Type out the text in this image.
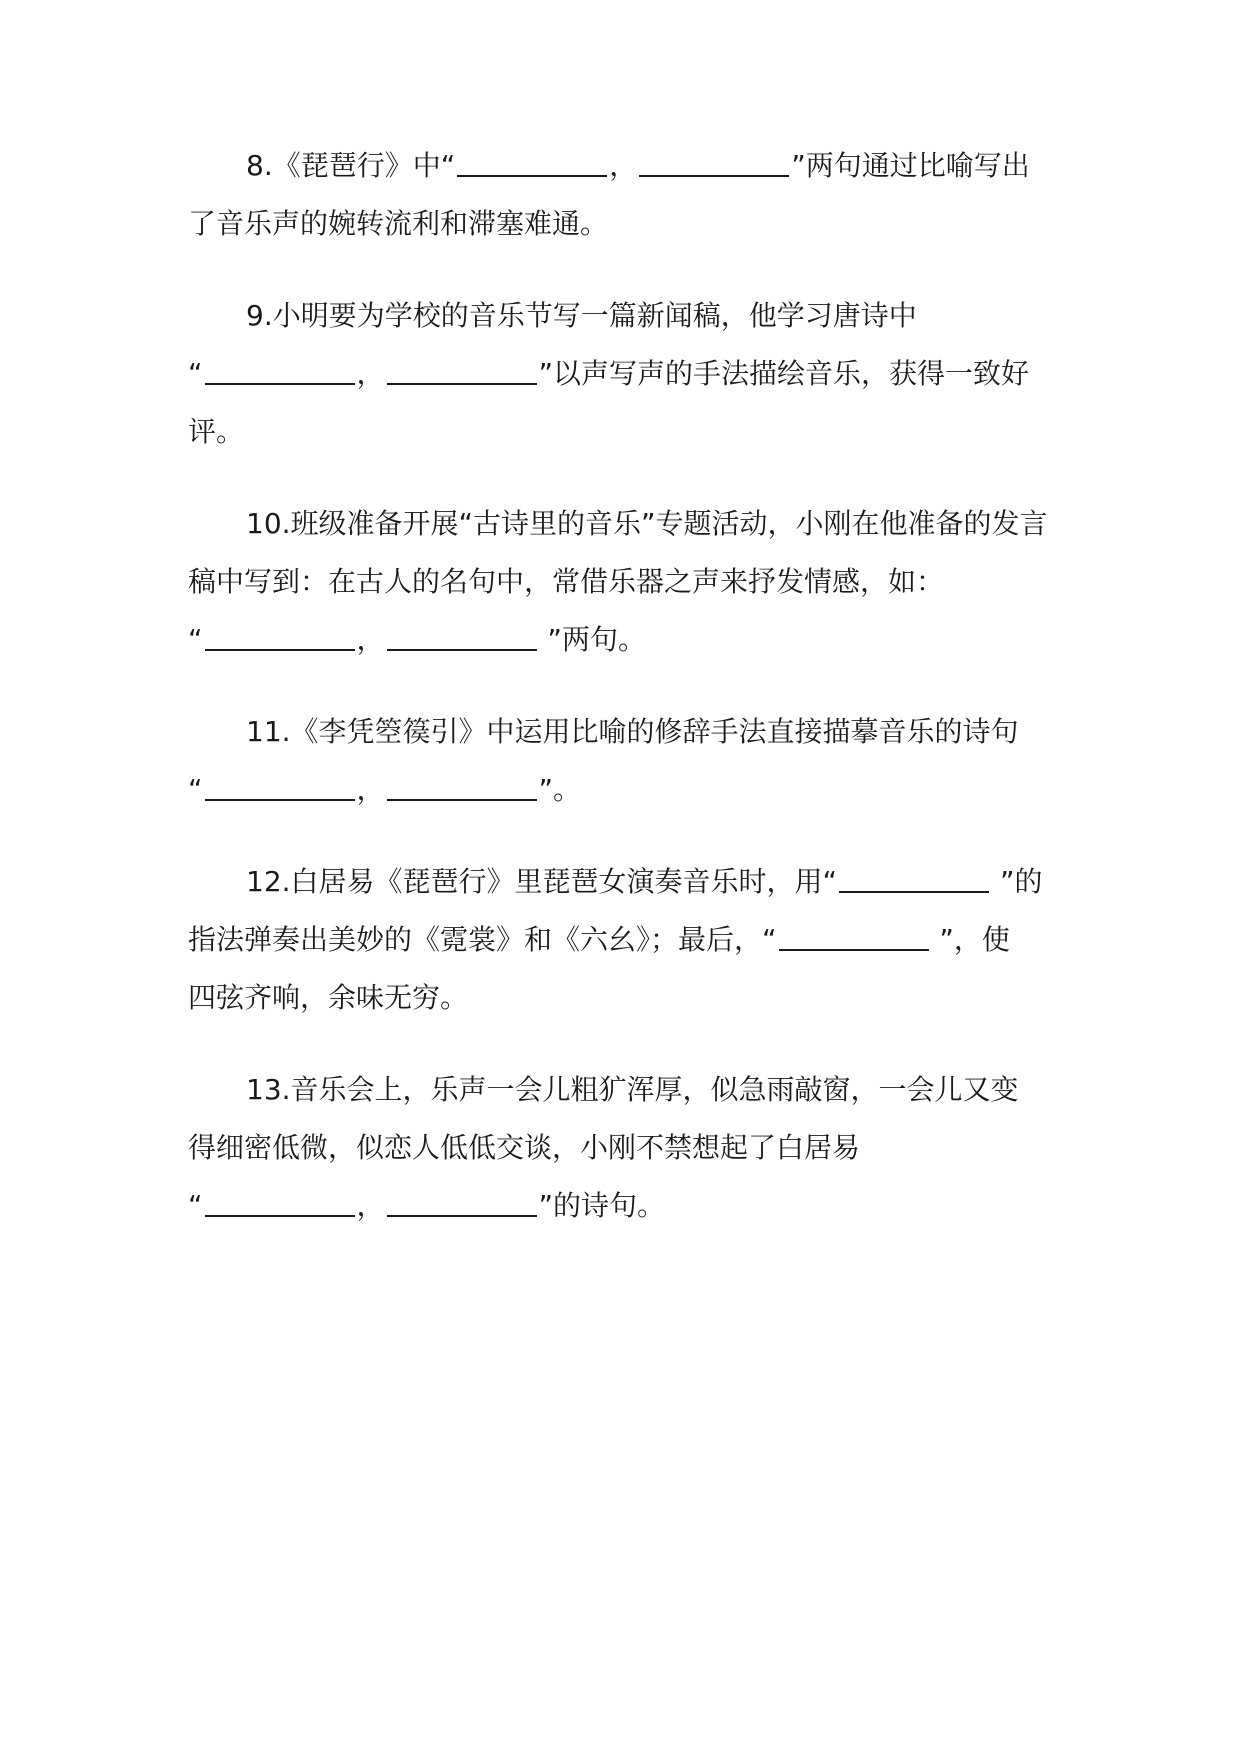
8.《琵琶行》中“	，	”两句通过比喻写出
了音乐声的婉转流利和滞塞难通。
9.小明要为学校的音乐节写一篇新闻稿，他学习唐诗中
“	，	”以声写声的手法描绘音乐，获得一致好
评。
10.班级准备开展“古诗里的音乐”专题活动，小刚在他准备的发言
稿中写到：在古人的名句中，常借乐器之声来抒发情感，如：
“	，	”两句。
11.《李凭箜篌引》中运用比喻的修辞手法直接描摹音乐的诗句
“	，	”。
12.白居易《琵琶行》里琵琶女演奏音乐时，用“	”的
指法弹奏出美妙的《霓裳》和《六幺》；最后，“	”，使
四弦齐响，余味无穷。
13.音乐会上，乐声一会儿粗犷浑厚，似急雨敲窗，一会儿又变
得细密低微，似恋人低低交谈，小刚不禁想起了白居易
“	，	”的诗句。
